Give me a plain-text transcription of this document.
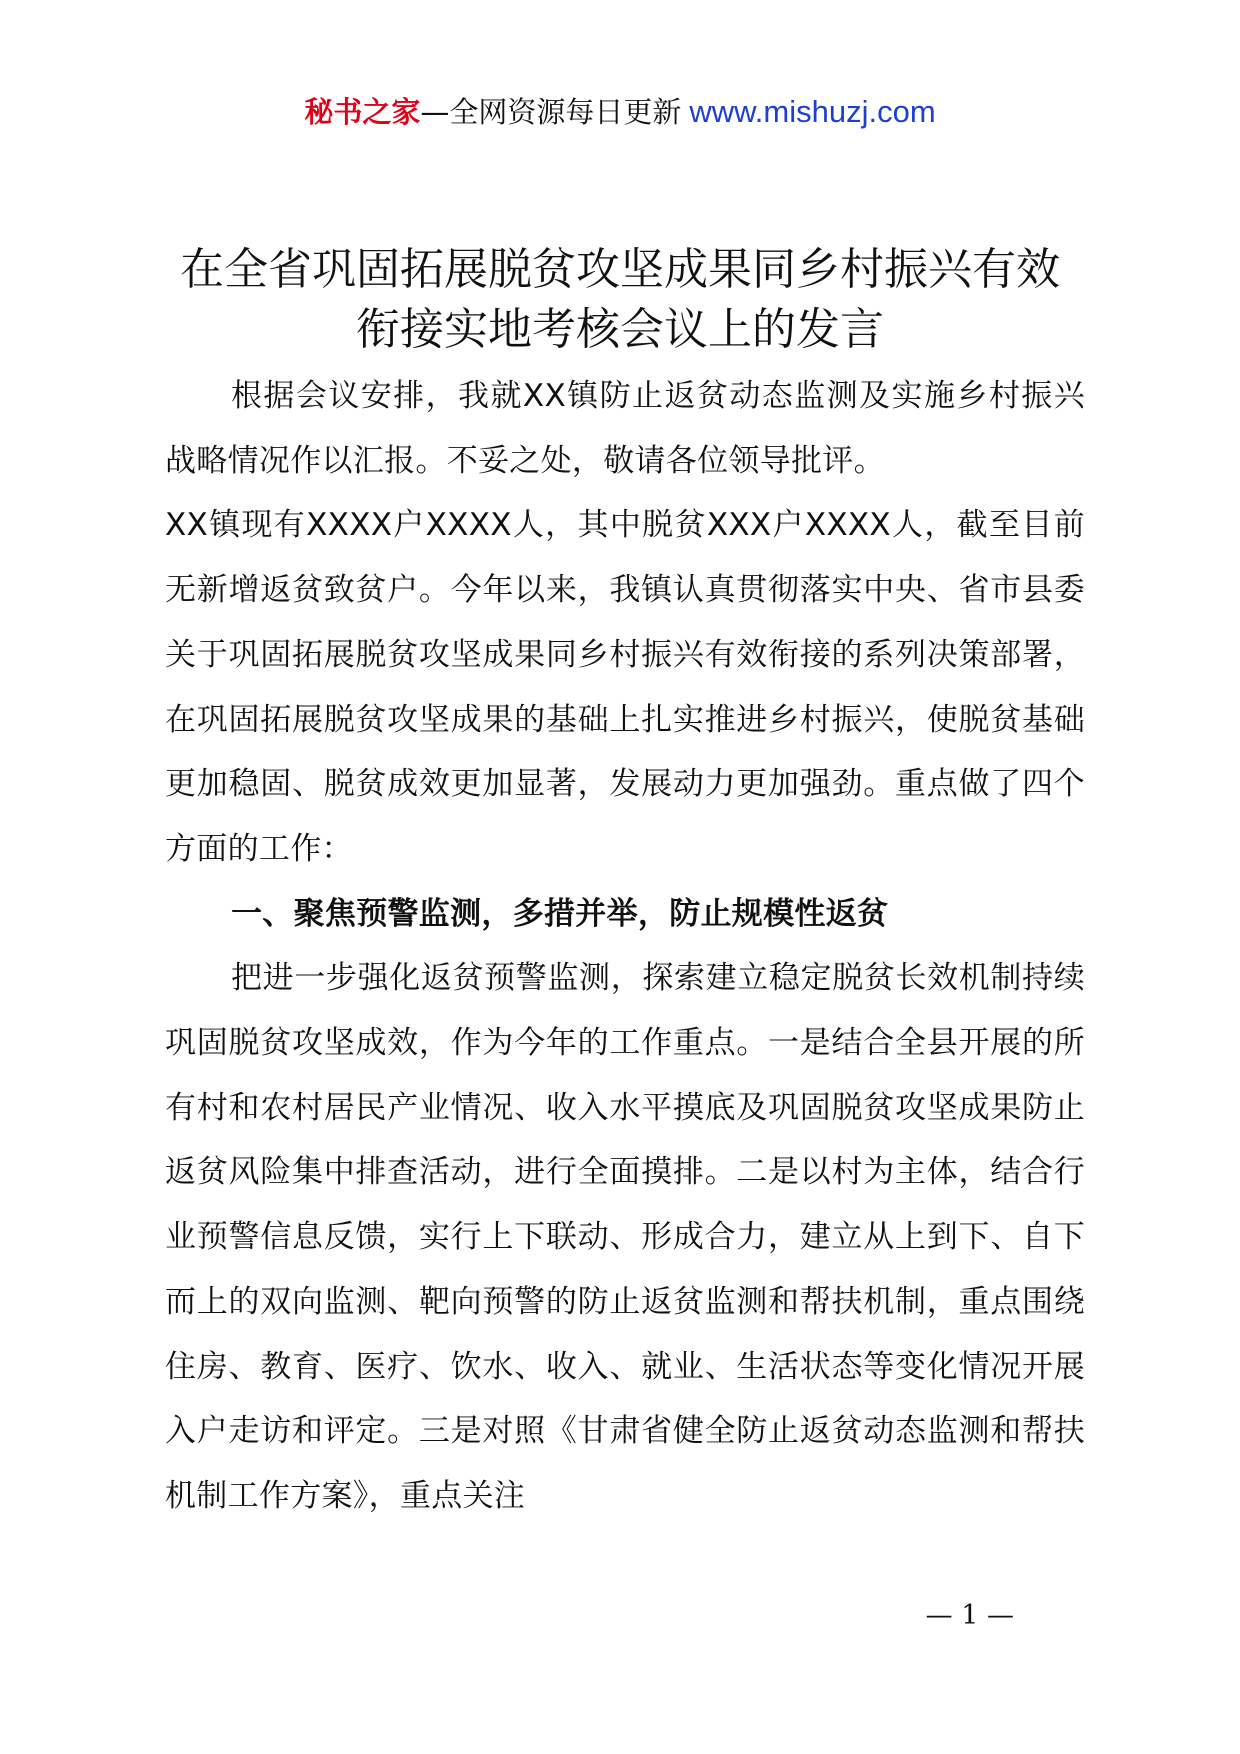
秘书之家—全网资源每日更新 www.mishuzj.com
在全省巩固拓展脱贫攻坚成果同乡村振兴有效
衔接实地考核会议上的发言

根据会议安排，我就XX镇防止返贫动态监测及实施乡村振兴战略情况作以汇报。不妥之处，敬请各位领导批评。

XX镇现有XXXX户XXXX人，其中脱贫XXX户XXXX人，截至目前无新增返贫致贫户。今年以来，我镇认真贯彻落实中央、省市县委关于巩固拓展脱贫攻坚成果同乡村振兴有效衔接的系列决策部署，在巩固拓展脱贫攻坚成果的基础上扎实推进乡村振兴，使脱贫基础更加稳固、脱贫成效更加显著，发展动力更加强劲。重点做了四个方面的工作：

一、聚焦预警监测，多措并举，防止规模性返贫

把进一步强化返贫预警监测，探索建立稳定脱贫长效机制持续巩固脱贫攻坚成效，作为今年的工作重点。一是结合全县开展的所有村和农村居民产业情况、收入水平摸底及巩固脱贫攻坚成果防止返贫风险集中排查活动，进行全面摸排。二是以村为主体，结合行业预警信息反馈，实行上下联动、形成合力，建立从上到下、自下而上的双向监测、靶向预警的防止返贫监测和帮扶机制，重点围绕住房、教育、医疗、饮水、收入、就业、生活状态等变化情况开展入户走访和评定。三是对照《甘肃省健全防止返贫动态监测和帮扶机制工作方案》，重点关注

— 1 —
